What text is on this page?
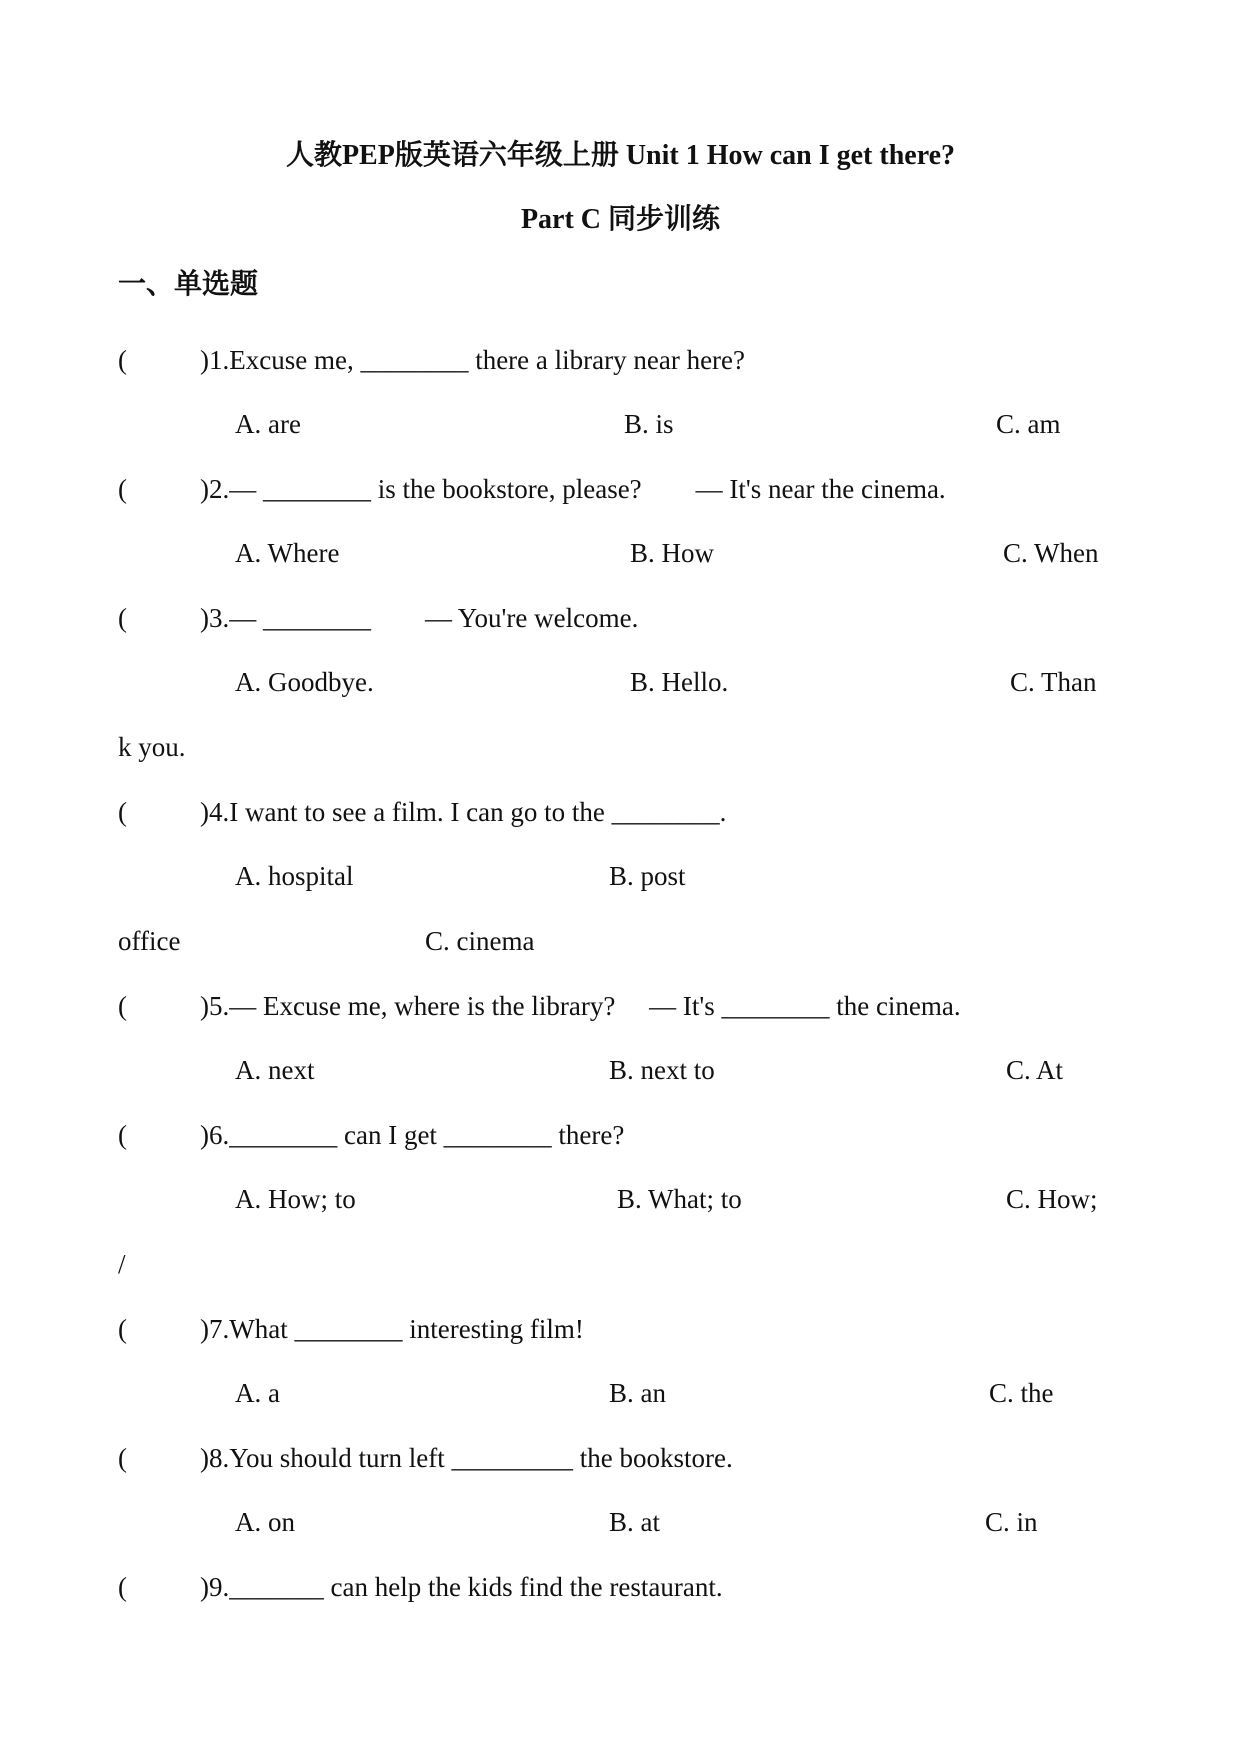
人教PEP版英语六年级上册 Unit 1 How can I get there?
Part C 同步训练
一、单选题
(	)1.Excuse me, ________ there a library near here?
A. are	B. is	C. am
(	)2.— ________ is the bookstore, please?        — It's near the cinema.
A. Where	B. How	C. When
(	)3.— ________        — You're welcome.
A. Goodbye.	B. Hello.	C. Than
k you.
(	)4.I want to see a film. I can go to the ________.
A. hospital	B. post
office	C. cinema
(	)5.— Excuse me, where is the library?     — It's ________ the cinema.
A. next	B. next to	C. At
(	)6.________ can I get ________ there?
A. How; to	B. What; to	C. How;
/
(	)7.What ________ interesting film!
A. a	B. an	C. the
(	)8.You should turn left _________ the bookstore.
A. on	B. at	C. in
(	)9._______ can help the kids find the restaurant.
